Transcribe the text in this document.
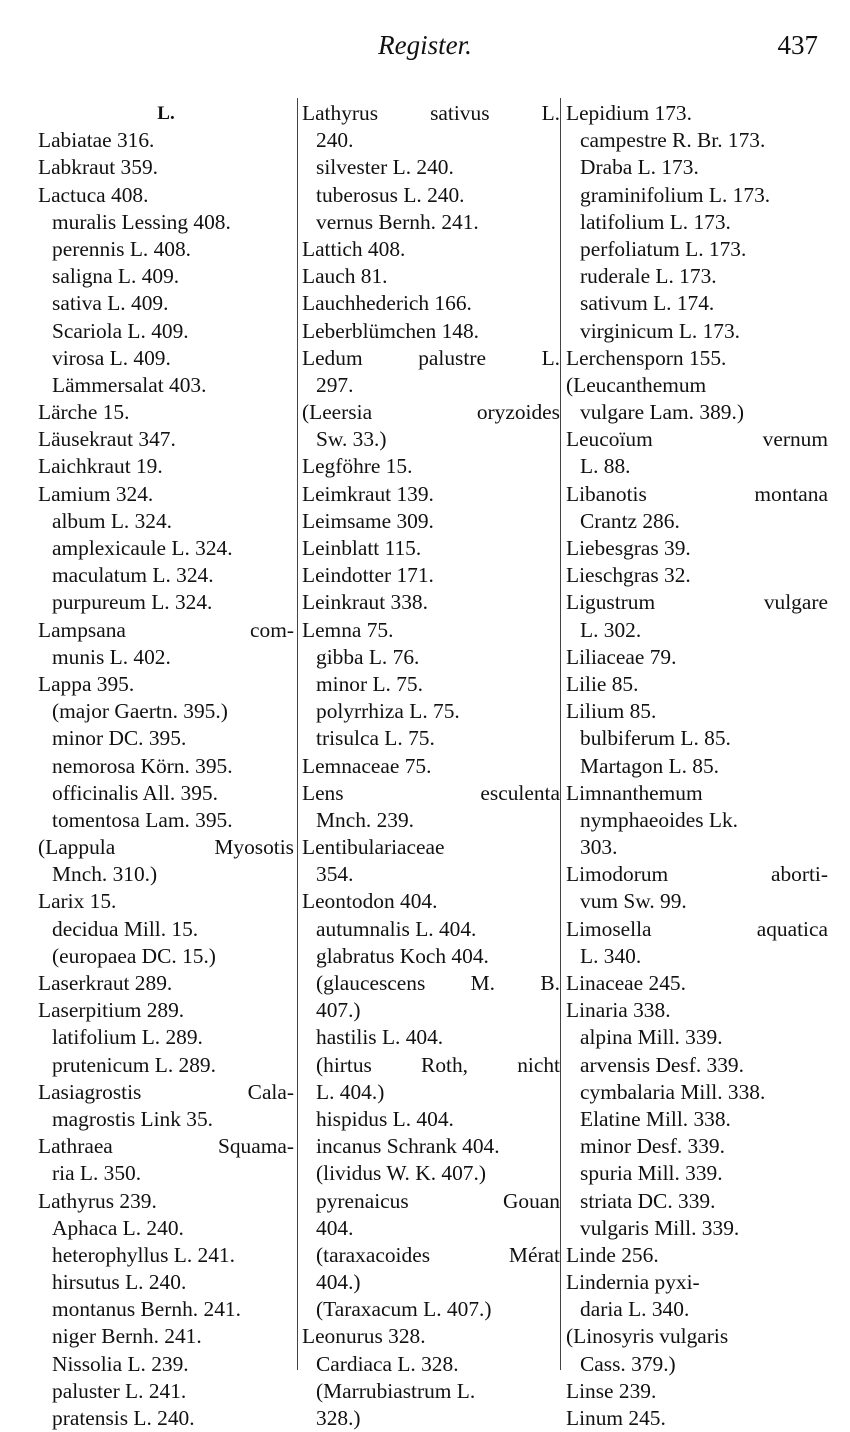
Register.	437
L.
Labiatae 316.
Labkraut 359.
Lactuca 408.
muralis Lessing 408.
perennis L. 408.
saligna L. 409.
sativa L. 409.
Scariola L. 409.
virosa L. 409.
Lämmersalat 403.
Lärche 15.
Läusekraut 347.
Laichkraut 19.
Lamium 324.
album L. 324.
amplexicaule L. 324.
maculatum L. 324.
purpureum L. 324.
Lampsana com-
munis L. 402.
Lappa 395.
(major Gaertn. 395.)
minor DC. 395.
nemorosa Körn. 395.
officinalis All. 395.
tomentosa Lam. 395.
(Lappula Myosotis
Mnch. 310.)
Larix 15.
decidua Mill. 15.
(europaea DC. 15.)
Laserkraut 289.
Laserpitium 289.
latifolium L. 289.
prutenicum L. 289.
Lasiagrostis Cala-
magrostis Link 35.
Lathraea Squama-
ria L. 350.
Lathyrus 239.
Aphaca L. 240.
heterophyllus L. 241.
hirsutus L. 240.
montanus Bernh. 241.
niger Bernh. 241.
Nissolia L. 239.
paluster L. 241.
pratensis L. 240.
Lathyrus sativus L.
240.
silvester L. 240.
tuberosus L. 240.
vernus Bernh. 241.
Lattich 408.
Lauch 81.
Lauchhederich 166.
Leberblümchen 148.
Ledum palustre L.
297.
(Leersia oryzoides
Sw. 33.)
Legföhre 15.
Leimkraut 139.
Leimsame 309.
Leinblatt 115.
Leindotter 171.
Leinkraut 338.
Lemna 75.
gibba L. 76.
minor L. 75.
polyrrhiza L. 75.
trisulca L. 75.
Lemnaceae 75.
Lens esculenta
Mnch. 239.
Lentibulariaceae
354.
Leontodon 404.
autumnalis L. 404.
glabratus Koch 404.
(glaucescens M. B.
407.)
hastilis L. 404.
(hirtus Roth, nicht
L. 404.)
hispidus L. 404.
incanus Schrank 404.
(lividus W. K. 407.)
pyrenaicus Gouan
404.
(taraxacoides Mérat
404.)
(Taraxacum L. 407.)
Leonurus 328.
Cardiaca L. 328.
(Marrubiastrum L.
328.)
Lepidium 173.
campestre R. Br. 173.
Draba L. 173.
graminifolium L. 173.
latifolium L. 173.
perfoliatum L. 173.
ruderale L. 173.
sativum L. 174.
virginicum L. 173.
Lerchensporn 155.
(Leucanthemum
vulgare Lam. 389.)
Leucoïum vernum
L. 88.
Libanotis montana
Crantz 286.
Liebesgras 39.
Lieschgras 32.
Ligustrum vulgare
L. 302.
Liliaceae 79.
Lilie 85.
Lilium 85.
bulbiferum L. 85.
Martagon L. 85.
Limnanthemum
nymphaeoides Lk.
303.
Limodorum aborti-
vum Sw. 99.
Limosella aquatica
L. 340.
Linaceae 245.
Linaria 338.
alpina Mill. 339.
arvensis Desf. 339.
cymbalaria Mill. 338.
Elatine Mill. 338.
minor Desf. 339.
spuria Mill. 339.
striata DC. 339.
vulgaris Mill. 339.
Linde 256.
Lindernia pyxi-
daria L. 340.
(Linosyris vulgaris
Cass. 379.)
Linse 239.
Linum 245.
